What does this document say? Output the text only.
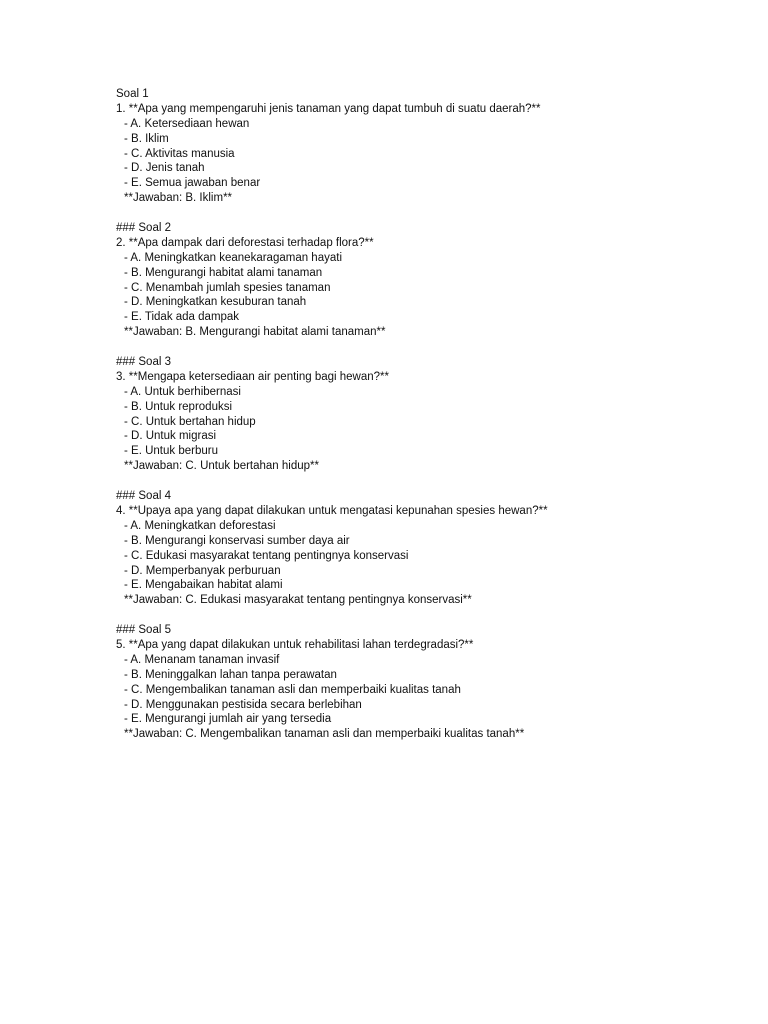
Soal 1
1. **Apa yang mempengaruhi jenis tanaman yang dapat tumbuh di suatu daerah?**
- A. Ketersediaan hewan
- B. Iklim
- C. Aktivitas manusia
- D. Jenis tanah
- E. Semua jawaban benar
**Jawaban: B. Iklim**
### Soal 2
2. **Apa dampak dari deforestasi terhadap flora?**
- A. Meningkatkan keanekaragaman hayati
- B. Mengurangi habitat alami tanaman
- C. Menambah jumlah spesies tanaman
- D. Meningkatkan kesuburan tanah
- E. Tidak ada dampak
**Jawaban: B. Mengurangi habitat alami tanaman**
### Soal 3
3. **Mengapa ketersediaan air penting bagi hewan?**
- A. Untuk berhibernasi
- B. Untuk reproduksi
- C. Untuk bertahan hidup
- D. Untuk migrasi
- E. Untuk berburu
**Jawaban: C. Untuk bertahan hidup**
### Soal 4
4. **Upaya apa yang dapat dilakukan untuk mengatasi kepunahan spesies hewan?**
- A. Meningkatkan deforestasi
- B. Mengurangi konservasi sumber daya air
- C. Edukasi masyarakat tentang pentingnya konservasi
- D. Memperbanyak perburuan
- E. Mengabaikan habitat alami
**Jawaban: C. Edukasi masyarakat tentang pentingnya konservasi**
### Soal 5
5. **Apa yang dapat dilakukan untuk rehabilitasi lahan terdegradasi?**
- A. Menanam tanaman invasif
- B. Meninggalkan lahan tanpa perawatan
- C. Mengembalikan tanaman asli dan memperbaiki kualitas tanah
- D. Menggunakan pestisida secara berlebihan
- E. Mengurangi jumlah air yang tersedia
**Jawaban: C. Mengembalikan tanaman asli dan memperbaiki kualitas tanah**
